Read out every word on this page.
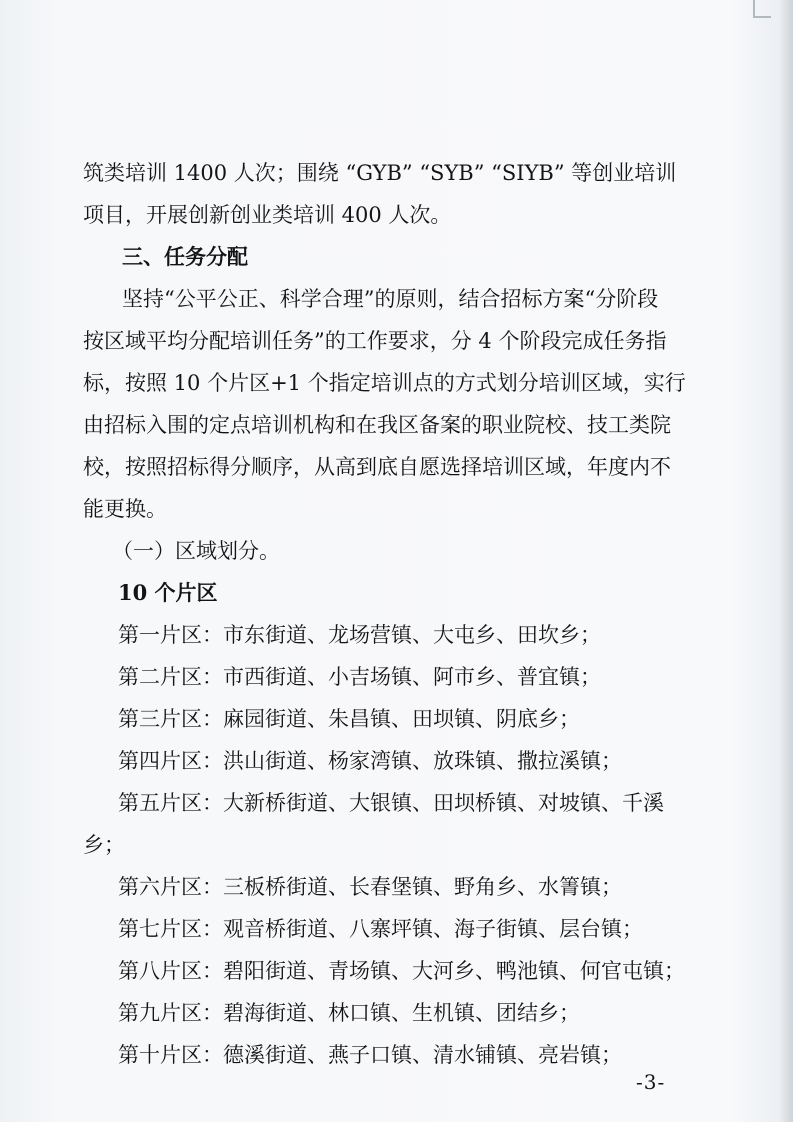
筑类培训 1400 人次；围绕 “GYB” “SYB” “SIYB” 等创业培训
项目，开展创新创业类培训 400 人次。
三、任务分配
坚持“公平公正、科学合理”的原则，结合招标方案“分阶段
按区域平均分配培训任务”的工作要求，分 4 个阶段完成任务指
标，按照 10 个片区+1 个指定培训点的方式划分培训区域，实行
由招标入围的定点培训机构和在我区备案的职业院校、技工类院
校，按照招标得分顺序，从高到底自愿选择培训区域，年度内不
能更换。
（一）区域划分。
10 个片区
第一片区：市东街道、龙场营镇、大屯乡、田坎乡；
第二片区：市西街道、小吉场镇、阿市乡、普宜镇；
第三片区：麻园街道、朱昌镇、田坝镇、阴底乡；
第四片区：洪山街道、杨家湾镇、放珠镇、撒拉溪镇；
第五片区：大新桥街道、大银镇、田坝桥镇、对坡镇、千溪
乡；
第六片区：三板桥街道、长春堡镇、野角乡、水箐镇；
第七片区：观音桥街道、八寨坪镇、海子街镇、层台镇；
第八片区：碧阳街道、青场镇、大河乡、鸭池镇、何官屯镇；
第九片区：碧海街道、林口镇、生机镇、团结乡；
第十片区：德溪街道、燕子口镇、清水铺镇、亮岩镇；
-3-
